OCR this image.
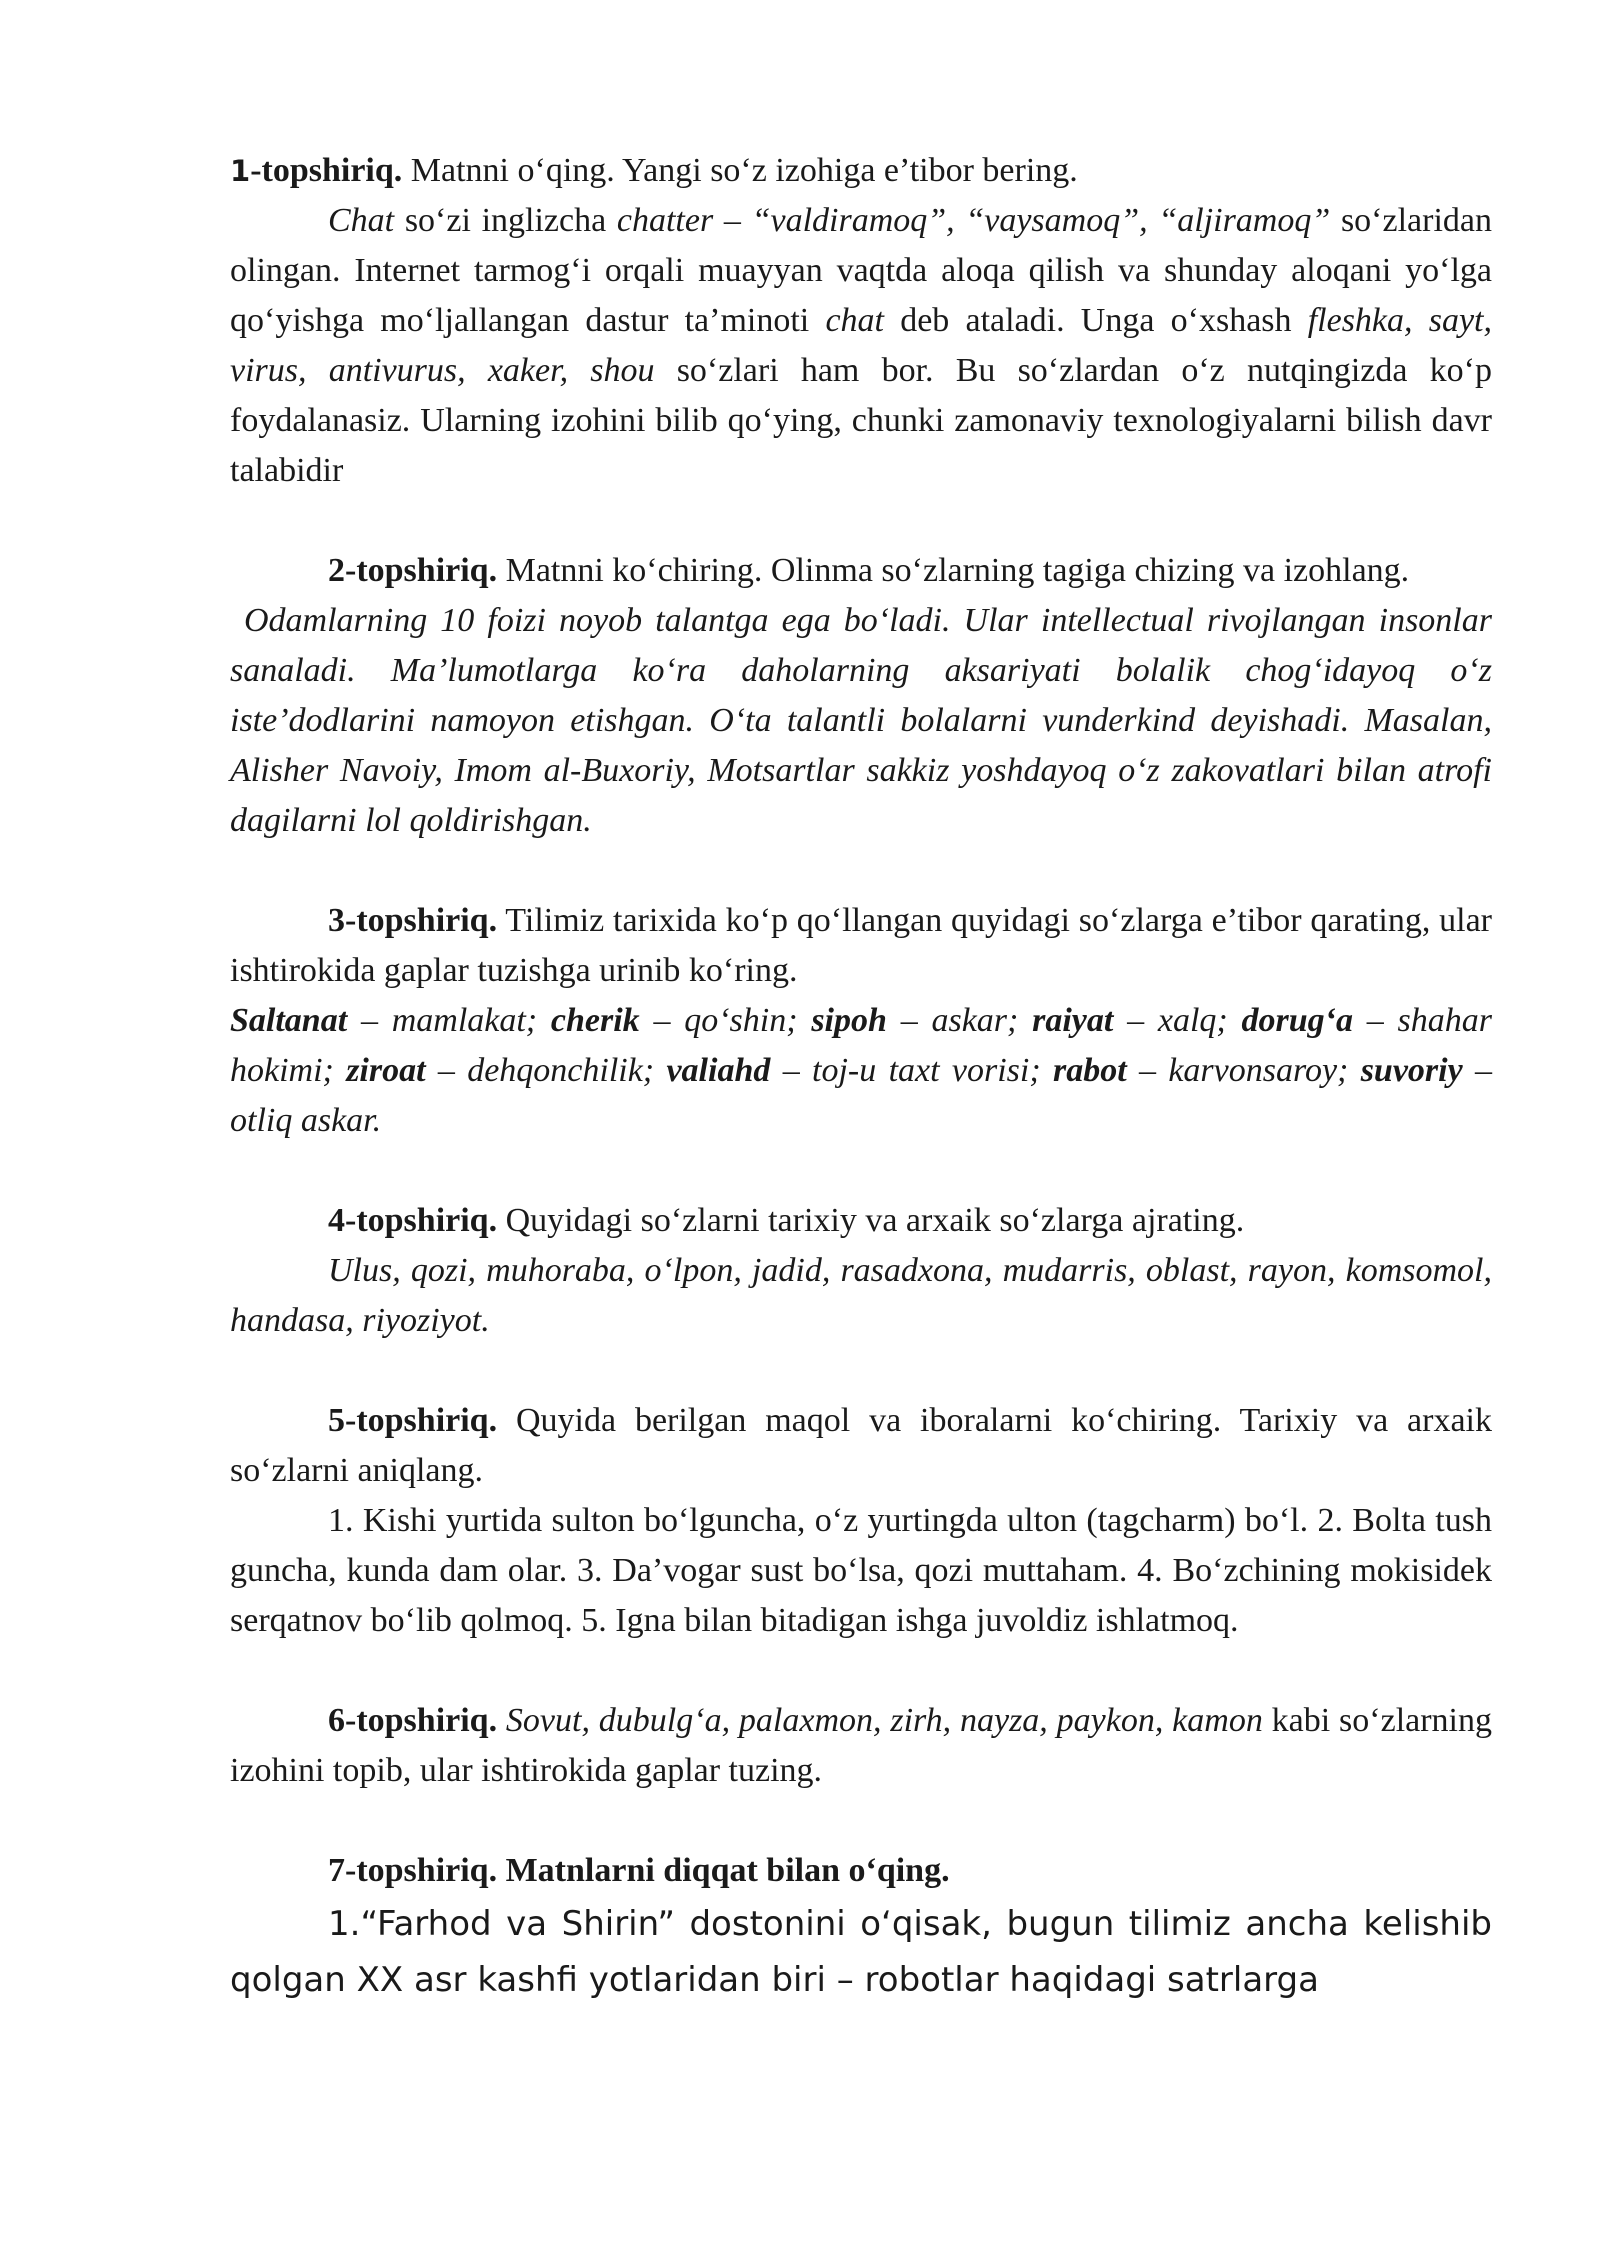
1-topshiriq. Matnni o‘qing. Yangi so‘z izohiga e’tibor bering.

Chat so‘zi inglizcha chatter – “valdiramoq”, “vaysamoq”, “aljiramoq” so‘zlaridan olingan. Internet tarmog‘i orqali muayyan vaqtda aloqa qilish va shunday aloqani yo‘lga qo‘yishga mo‘ljallangan dastur ta’minoti chat deb ataladi. Unga o‘xshash fleshka, sayt, virus, antivurus, xaker, shou so‘zlari ham bor. Bu so‘zlardan o‘z nutqingizda ko‘p foydalanasiz. Ularning izohini bilib qo‘ying, chunki zamonaviy texnologiyalarni bilish davr talabidir

2-topshiriq. Matnni ko‘chiring. Olinma so‘zlarning tagiga chizing va izohlang.

Odamlarning 10 foizi noyob talantga ega bo‘ladi. Ular intellectual rivojlangan insonlar sanaladi. Ma’lumotlarga ko‘ra daholarning aksariyati bolalik chog‘idayoq o‘z iste’dodlarini namoyon etishgan. O‘ta talantli bolalarni vunderkind deyishadi. Masalan, Alisher Navoiy, Imom al-Buxoriy, Motsartlar sakkiz yoshdayoq o‘z zakovatlari bilan atrofi dagilarni lol qoldirishgan.

3-topshiriq. Tilimiz tarixida ko‘p qo‘llangan quyidagi so‘zlarga e’tibor qarating, ular ishtirokida gaplar tuzishga urinib ko‘ring.

Saltanat – mamlakat; cherik – qo‘shin; sipoh – askar; raiyat – xalq; dorug‘a – shahar hokimi; ziroat – dehqonchilik; valiahd – toj-u taxt vorisi; rabot – karvonsaroy; suvoriy – otliq askar.

4-topshiriq. Quyidagi so‘zlarni tarixiy va arxaik so‘zlarga ajrating.

Ulus, qozi, muhoraba, o‘lpon, jadid, rasadxona, mudarris, oblast, rayon, komsomol, handasa, riyoziyot.

5-topshiriq. Quyida berilgan maqol va iboralarni ko‘chiring. Tarixiy va arxaik so‘zlarni aniqlang.

1. Kishi yurtida sulton bo‘lguncha, o‘z yurtingda ulton (tagcharm) bo‘l. 2. Bolta tush guncha, kunda dam olar. 3. Da’vogar sust bo‘lsa, qozi muttaham. 4. Bo‘zchining mokisidek serqatnov bo‘lib qolmoq. 5. Igna bilan bitadigan ishga juvoldiz ishlatmoq.

6-topshiriq. Sovut, dubulg‘a, palaxmon, zirh, nayza, paykon, kamon kabi so‘zlarning izohini topib, ular ishtirokida gaplar tuzing.

7-topshiriq. Matnlarni diqqat bilan o‘qing.

1.“Farhod va Shirin” dostonini o‘qisak, bugun tilimiz ancha kelishib qolgan XX asr kashfi yotlaridan biri – robotlar haqidagi satrlarga
